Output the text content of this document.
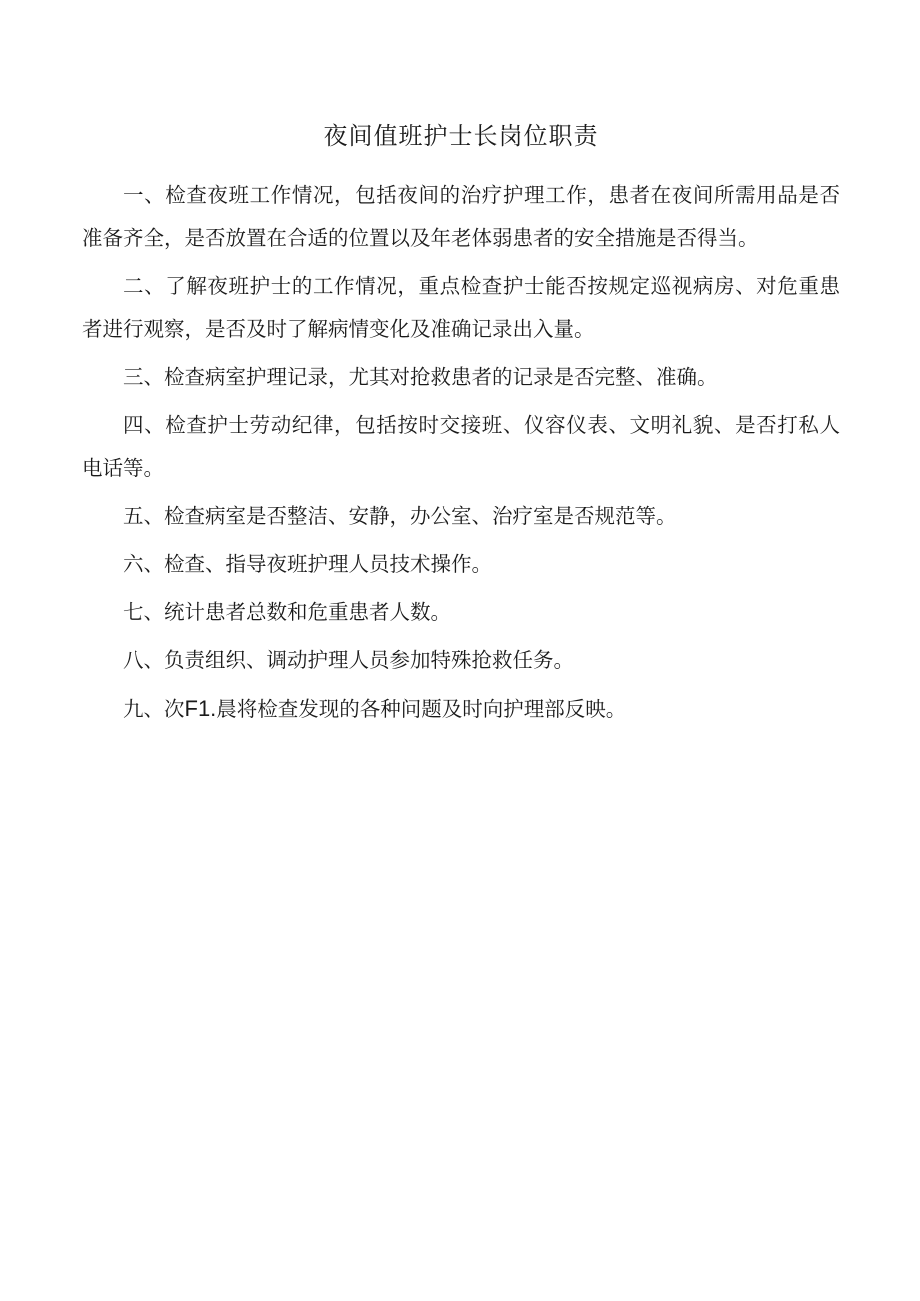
夜间值班护士长岗位职责

一、检查夜班工作情况，包括夜间的治疗护理工作，患者在夜间所需用品是否准备齐全，是否放置在合适的位置以及年老体弱患者的安全措施是否得当。

二、了解夜班护士的工作情况，重点检查护士能否按规定巡视病房、对危重患者进行观察，是否及时了解病情变化及准确记录出入量。

三、检查病室护理记录，尤其对抢救患者的记录是否完整、准确。

四、检查护士劳动纪律，包括按时交接班、仪容仪表、文明礼貌、是否打私人电话等。

五、检查病室是否整洁、安静，办公室、治疗室是否规范等。

六、检查、指导夜班护理人员技术操作。

七、统计患者总数和危重患者人数。

八、负责组织、调动护理人员参加特殊抢救任务。

九、次F1.晨将检查发现的各种问题及时向护理部反映。
